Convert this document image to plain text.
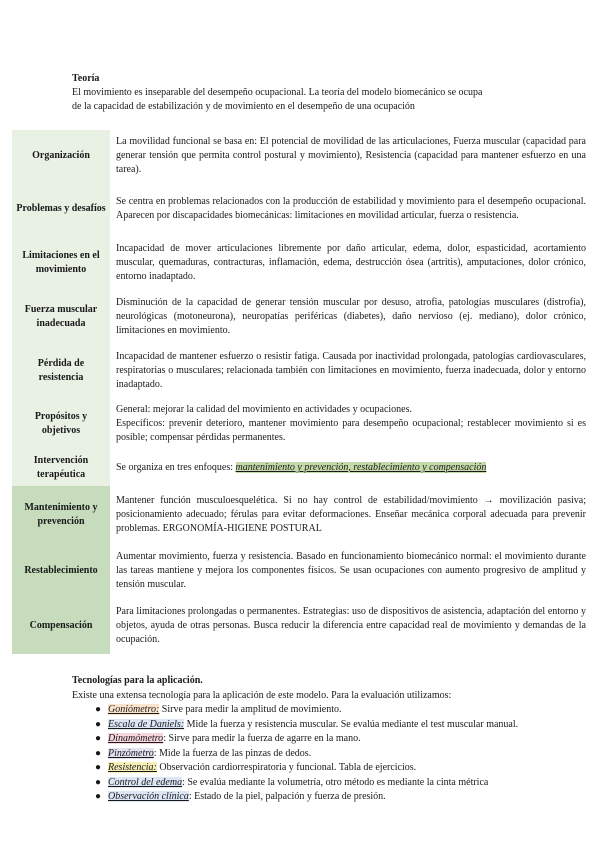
Teoría
El movimiento es inseparable del desempeño ocupacional. La teoría del modelo biomecánico se ocupa
de la capacidad de estabilización y de movimiento en el desempeño de una ocupación
Organización	La movilidad funcional se basa en: El potencial de movilidad de las articulaciones, Fuerza muscular (capacidad para generar tensión que permita control postural y movimiento), Resistencia (capacidad para mantener esfuerzo en una tarea).
Problemas y desafíos	Se centra en problemas relacionados con la producción de estabilidad y movimiento para el desempeño ocupacional. Aparecen por discapacidades biomecánicas: limitaciones en movilidad articular, fuerza o resistencia.
Limitaciones en el movimiento	Incapacidad de mover articulaciones libremente por daño articular, edema, dolor, espasticidad, acortamiento muscular, quemaduras, contracturas, inflamación, edema, destrucción ósea (artritis), amputaciones, dolor crónico, entorno inadaptado.
Fuerza muscular inadecuada	Disminución de la capacidad de generar tensión muscular por desuso, atrofia, patologías musculares (distrofia), neurológicas (motoneurona), neuropatías periféricas (diabetes), daño nervioso (ej. mediano), dolor crónico, limitaciones en movimiento.
Pérdida de resistencia	Incapacidad de mantener esfuerzo o resistir fatiga. Causada por inactividad prolongada, patologías cardiovasculares, respiratorias o musculares; relacionada también con limitaciones en movimiento, fuerza inadecuada, dolor y entorno inadaptado.
Propósitos y objetivos	General: mejorar la calidad del movimiento en actividades y ocupaciones.

Específicos: prevenir deterioro, mantener movimiento para desempeño ocupacional; restablecer movimiento si es posible; compensar pérdidas permanentes.

Intervención terapéutica	Se organiza en tres enfoques: mantenimiento y prevención, restablecimiento y compensación
Mantenimiento y prevención	Mantener función musculoesquelética. Si no hay control de estabilidad/movimiento → movilización pasiva; posicionamiento adecuado; férulas para evitar deformaciones. Enseñar mecánica corporal adecuada para prevenir problemas. ERGONOMÍA-HIGIENE POSTURAL
Restablecimiento	Aumentar movimiento, fuerza y resistencia. Basado en funcionamiento biomecánico normal: el movimiento durante las tareas mantiene y mejora los componentes físicos. Se usan ocupaciones con aumento progresivo de amplitud y tensión muscular.
Compensación	Para limitaciones prolongadas o permanentes. Estrategias: uso de dispositivos de asistencia, adaptación del entorno y objetos, ayuda de otras personas. Busca reducir la diferencia entre capacidad real de movimiento y demandas de la ocupación.
Tecnologías para la aplicación.
Existe una extensa tecnología para la aplicación de este modelo. Para la evaluación utilizamos:
● Goniómetro: Sirve para medir la amplitud de movimiento.
● Escala de Daniels: Mide la fuerza y resistencia muscular. Se evalúa mediante el test muscular manual.
● Dinamómetro: Sirve para medir la fuerza de agarre en la mano.
● Pinzómetro: Mide la fuerza de las pinzas de dedos.
● Resistencia: Observación cardiorrespiratoria y funcional. Tabla de ejercicios.
● Control del edema: Se evalúa mediante la volumetría, otro método es mediante la cinta métrica
● Observación clínica: Estado de la piel, palpación y fuerza de presión.
